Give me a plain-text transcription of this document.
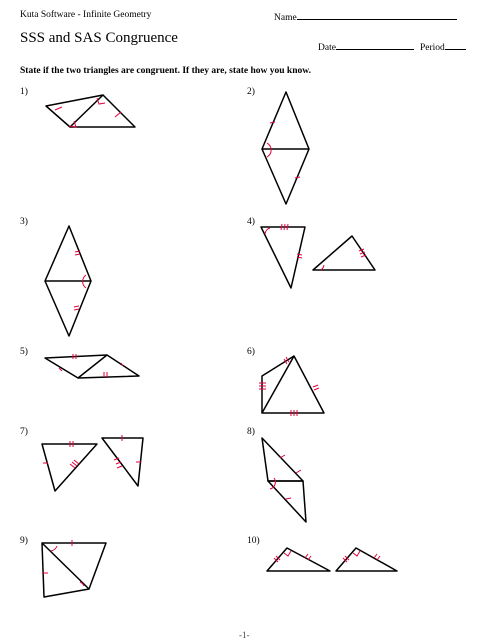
Kuta Software - Infinite Geometry	Name
SSS and SAS Congruence
Date	Period
State if the two triangles are congruent. If they are, state how you know.
1)	2)
3)	4)
5)	6)
7)	8)
9)	10)
-1-
